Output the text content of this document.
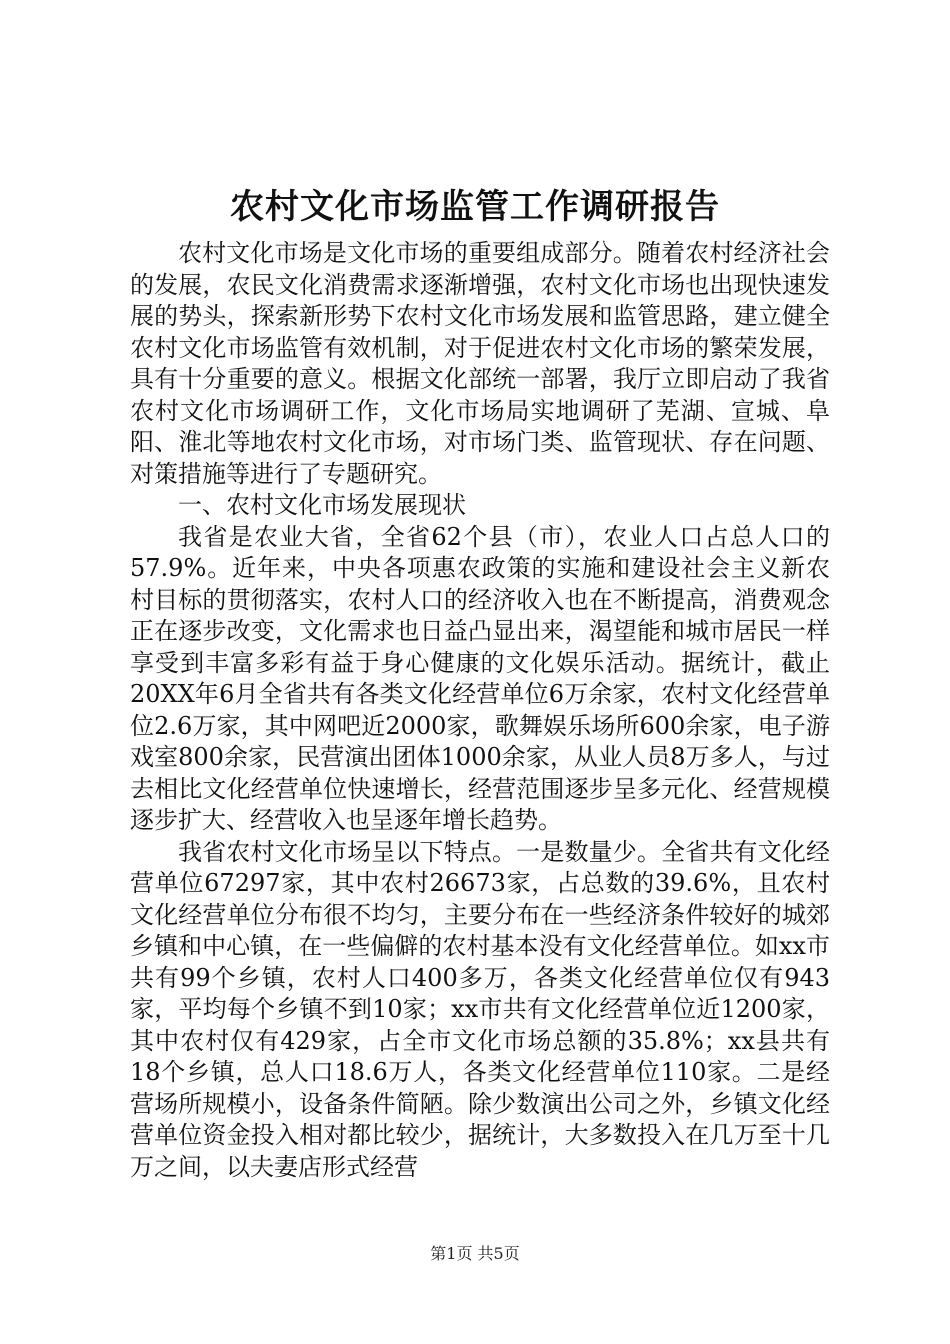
农村文化市场监管工作调研报告

农村文化市场是文化市场的重要组成部分。随着农村经济社会的发展，农民文化消费需求逐渐增强，农村文化市场也出现快速发展的势头，探索新形势下农村文化市场发展和监管思路，建立健全农村文化市场监管有效机制，对于促进农村文化市场的繁荣发展，具有十分重要的意义。根据文化部统一部署，我厅立即启动了我省农村文化市场调研工作，文化市场局实地调研了芜湖、宣城、阜阳、淮北等地农村文化市场，对市场门类、监管现状、存在问题、对策措施等进行了专题研究。

一、农村文化市场发展现状

我省是农业大省，全省62个县（市），农业人口占总人口的57.9%。近年来，中央各项惠农政策的实施和建设社会主义新农村目标的贯彻落实，农村人口的经济收入也在不断提高，消费观念正在逐步改变，文化需求也日益凸显出来，渴望能和城市居民一样享受到丰富多彩有益于身心健康的文化娱乐活动。据统计，截止20XX年6月全省共有各类文化经营单位6万余家，农村文化经营单位2.6万家，其中网吧近2000家，歌舞娱乐场所600余家，电子游戏室800余家，民营演出团体1000余家，从业人员8万多人，与过去相比文化经营单位快速增长，经营范围逐步呈多元化、经营规模逐步扩大、经营收入也呈逐年增长趋势。

我省农村文化市场呈以下特点。一是数量少。全省共有文化经营单位67297家，其中农村26673家，占总数的39.6%，且农村文化经营单位分布很不均匀，主要分布在一些经济条件较好的城郊乡镇和中心镇，在一些偏僻的农村基本没有文化经营单位。如xx市共有99个乡镇，农村人口400多万，各类文化经营单位仅有943家，平均每个乡镇不到10家；xx市共有文化经营单位近1200家，其中农村仅有429家，占全市文化市场总额的35.8%；xx县共有18个乡镇，总人口18.6万人，各类文化经营单位110家。二是经营场所规模小，设备条件简陋。除少数演出公司之外，乡镇文化经营单位资金投入相对都比较少，据统计，大多数投入在几万至十几万之间，以夫妻店形式经营

第1页 共5页
